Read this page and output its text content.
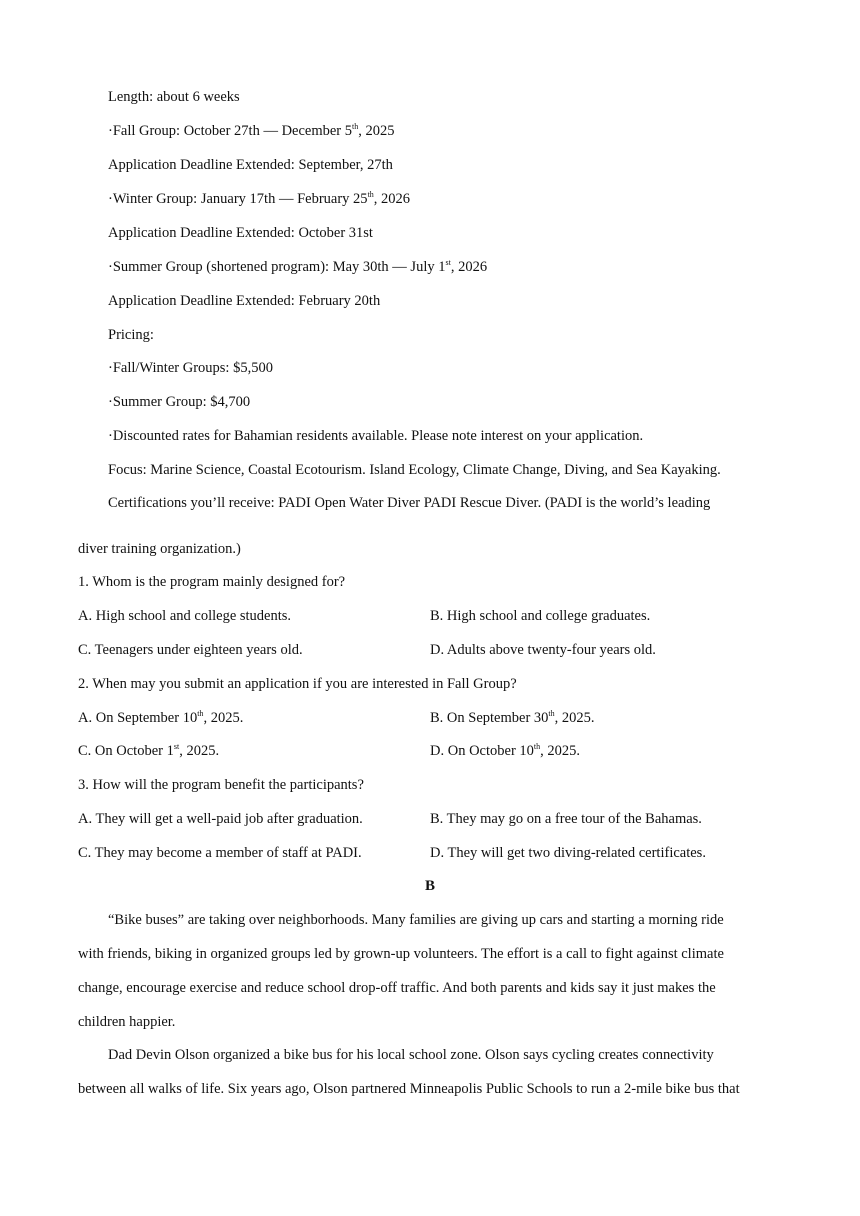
Length: about 6 weeks
·Fall Group: October 27th — December 5th, 2025
Application Deadline Extended: September, 27th
·Winter Group: January 17th — February 25th, 2026
Application Deadline Extended: October 31st
·Summer Group (shortened program): May 30th — July 1st, 2026
Application Deadline Extended: February 20th
Pricing:
·Fall/Winter Groups: $5,500
·Summer Group: $4,700
·Discounted rates for Bahamian residents available. Please note interest on your application.
Focus: Marine Science, Coastal Ecotourism. Island Ecology, Climate Change, Diving, and Sea Kayaking.
Certifications you’ll receive: PADI Open Water Diver PADI Rescue Diver. (PADI is the world’s leading
diver training organization.)
1. Whom is the program mainly designed for?
A. High school and college students.	B. High school and college graduates.
C. Teenagers under eighteen years old.	D. Adults above twenty-four years old.
2. When may you submit an application if you are interested in Fall Group?
A. On September 10th, 2025.	B. On September 30th, 2025.
C. On October 1st, 2025.	D. On October 10th, 2025.
3. How will the program benefit the participants?
A. They will get a well-paid job after graduation.	B. They may go on a free tour of the Bahamas.
C. They may become a member of staff at PADI.	D. They will get two diving-related certificates.
B
“Bike buses” are taking over neighborhoods. Many families are giving up cars and starting a morning ride
with friends, biking in organized groups led by grown-up volunteers. The effort is a call to fight against climate
change, encourage exercise and reduce school drop-off traffic. And both parents and kids say it just makes the
children happier.
Dad Devin Olson organized a bike bus for his local school zone. Olson says cycling creates connectivity
between all walks of life. Six years ago, Olson partnered Minneapolis Public Schools to run a 2-mile bike bus that
